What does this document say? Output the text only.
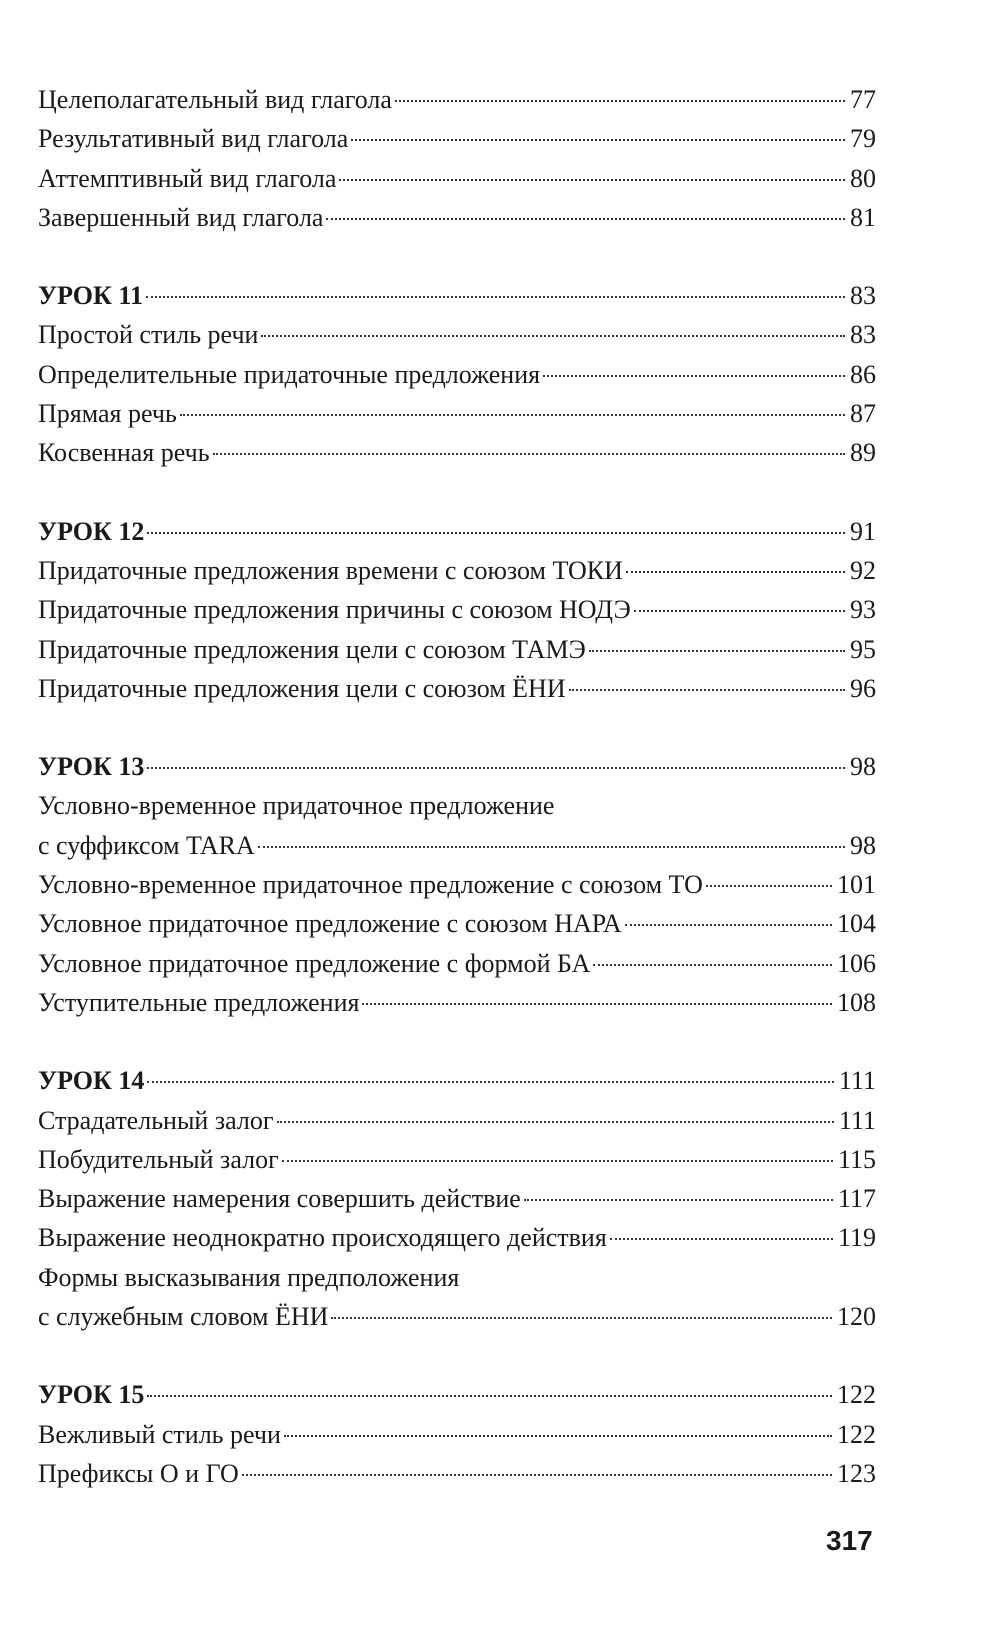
Целеполагательный вид глагола	77
Результативный вид глагола	79
Аттемптивный вид глагола	80
Завершенный вид глагола	81
УРОК 11	83
Простой стиль речи	83
Определительные придаточные предложения	86
Прямая речь	87
Косвенная речь	89
УРОК 12	91
Придаточные предложения времени с союзом ТОКИ	92
Придаточные предложения причины с союзом НОДЭ	93
Придаточные предложения цели с союзом ТАМЭ	95
Придаточные предложения цели с союзом ЁНИ	96
УРОК 13	98
Условно-временное придаточное предложение
с суффиксом TARA	98
Условно-временное придаточное предложение с союзом ТО	101
Условное придаточное предложение с союзом НАРА	104
Условное придаточное предложение с формой БА	106
Уступительные предложения	108
УРОК 14	111
Страдательный залог	111
Побудительный залог	115
Выражение намерения совершить действие	117
Выражение неоднократно происходящего действия	119
Формы высказывания предположения
с служебным словом ЁНИ	120
УРОК 15	122
Вежливый стиль речи	122
Префиксы О и ГО	123
317
